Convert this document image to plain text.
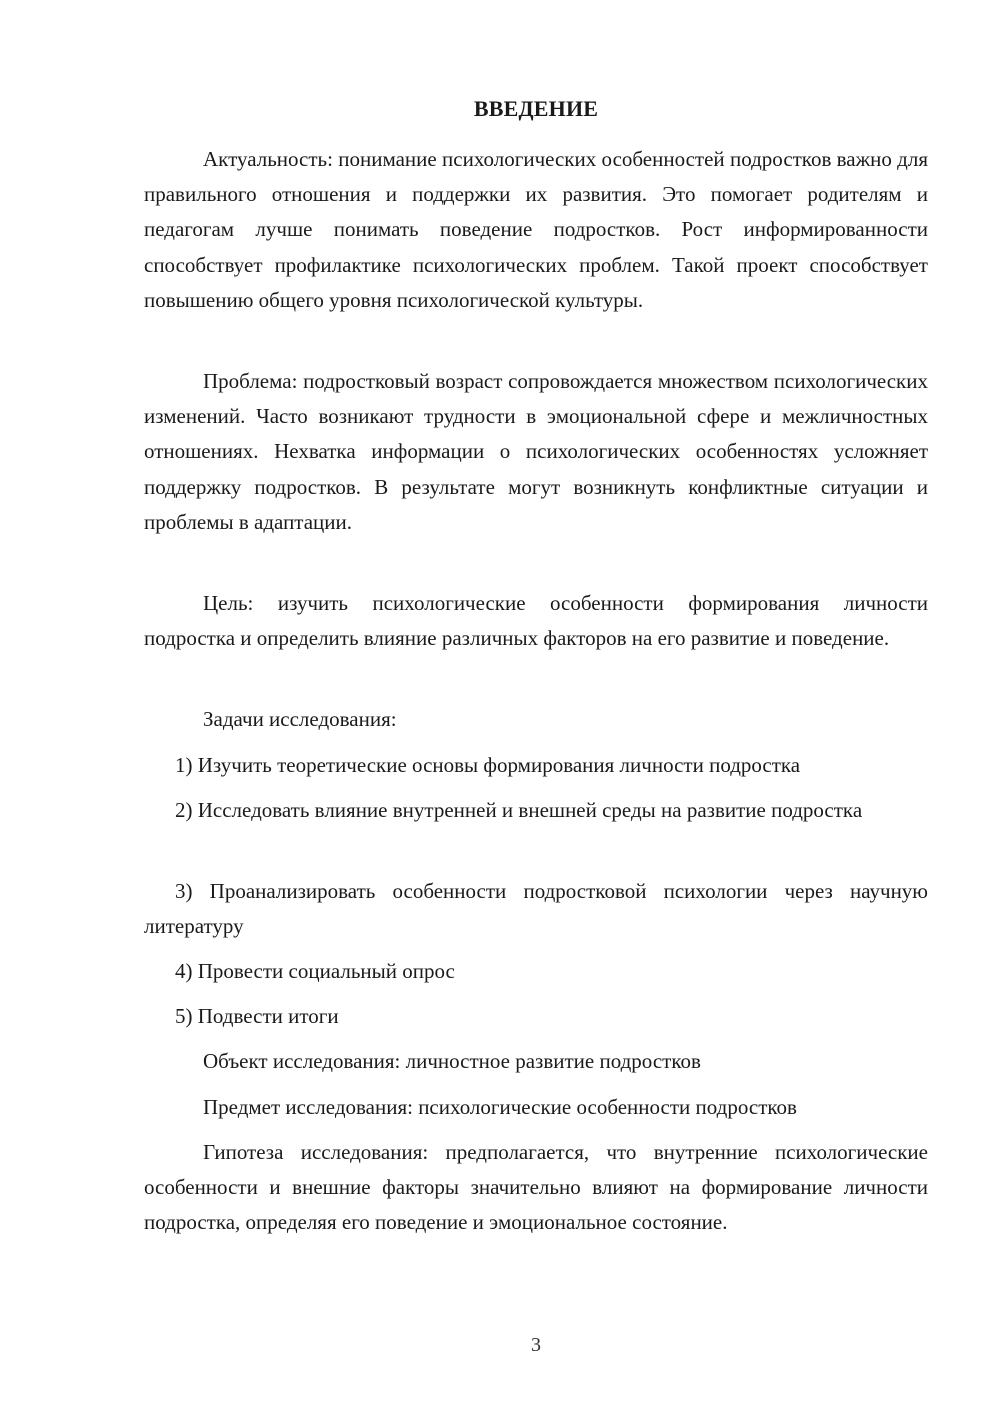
ВВЕДЕНИЕ

Актуальность: понимание психологических особенностей подростков важно для правильного отношения и поддержки их развития. Это помогает родителям и педагогам лучше понимать поведение подростков. Рост информированности способствует профилактике психологических проблем. Такой проект способствует повышению общего уровня психологической культуры.

Проблема: подростковый возраст сопровождается множеством психологических изменений. Часто возникают трудности в эмоциональной сфере и межличностных отношениях. Нехватка информации о психологических особенностях усложняет поддержку подростков. В результате могут возникнуть конфликтные ситуации и проблемы в адаптации.

Цель: изучить психологические особенности формирования личности подростка и определить влияние различных факторов на его развитие и поведение.

Задачи исследования:

1) Изучить теоретические основы формирования личности подростка

2) Исследовать влияние внутренней и внешней среды на развитие подростка

3) Проанализировать особенности подростковой психологии через научную литературу

4) Провести социальный опрос

5) Подвести итоги

Объект исследования: личностное развитие подростков

Предмет исследования: психологические особенности подростков

Гипотеза исследования: предполагается, что внутренние психологические особенности и внешние факторы значительно влияют на формирование личности подростка, определяя его поведение и эмоциональное состояние.

3
